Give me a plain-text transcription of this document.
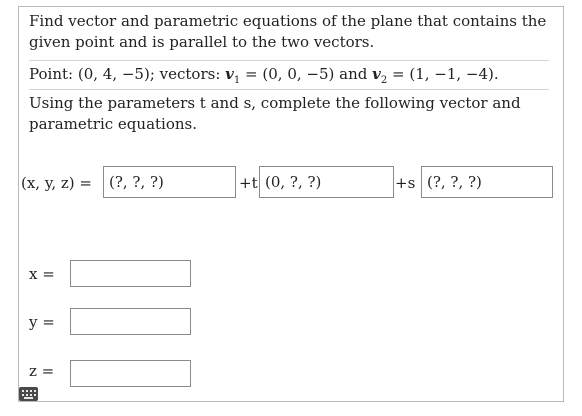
Find vector and parametric equations of the plane that contains the
given point and is parallel to the two vectors.

Point: (0, 4, −5); vectors: $v_1 = (0$, 0, −5) and $v_2 = (1$, −1, −4).

Using the parameters t and s, complete the following vector and
parametric equations.

(x, y, z) =	(?, ?, ?)	+t (0, ?, ?)	+s (?, ?, ?)
x =
y =
z =
